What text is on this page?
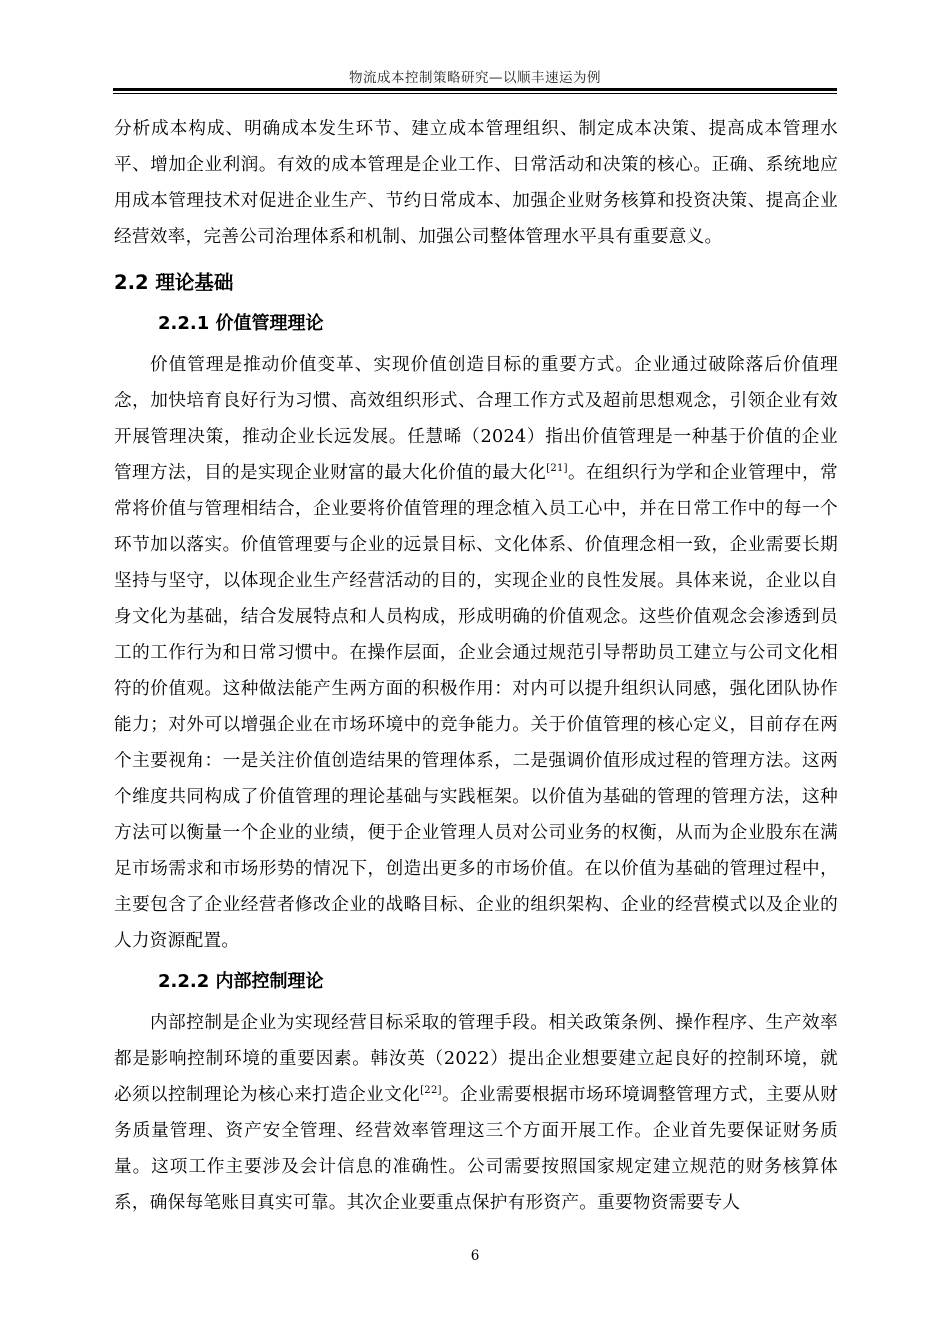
物流成本控制策略研究—以顺丰速运为例

分析成本构成、明确成本发生环节、建立成本管理组织、制定成本决策、提高成本管理水平、增加企业利润。有效的成本管理是企业工作、日常活动和决策的核心。正确、系统地应用成本管理技术对促进企业生产、节约日常成本、加强企业财务核算和投资决策、提高企业经营效率，完善公司治理体系和机制、加强公司整体管理水平具有重要意义。

2.2 理论基础
2.2.1 价值管理理论

价值管理是推动价值变革、实现价值创造目标的重要方式。企业通过破除落后价值理念，加快培育良好行为习惯、高效组织形式、合理工作方式及超前思想观念，引领企业有效开展管理决策，推动企业长远发展。任慧晞（2024）指出价值管理是一种基于价值的企业管理方法，目的是实现企业财富的最大化价值的最大化[21]。在组织行为学和企业管理中，常常将价值与管理相结合，企业要将价值管理的理念植入员工心中，并在日常工作中的每一个环节加以落实。价值管理要与企业的远景目标、文化体系、价值理念相一致，企业需要长期坚持与坚守，以体现企业生产经营活动的目的，实现企业的良性发展。具体来说，企业以自身文化为基础，结合发展特点和人员构成，形成明确的价值观念。这些价值观念会渗透到员工的工作行为和日常习惯中。在操作层面，企业会通过规范引导帮助员工建立与公司文化相符的价值观。这种做法能产生两方面的积极作用：对内可以提升组织认同感，强化团队协作能力；对外可以增强企业在市场环境中的竞争能力。关于价值管理的核心定义，目前存在两个主要视角：一是关注价值创造结果的管理体系，二是强调价值形成过程的管理方法。这两个维度共同构成了价值管理的理论基础与实践框架。以价值为基础的管理的管理方法，这种方法可以衡量一个企业的业绩，便于企业管理人员对公司业务的权衡，从而为企业股东在满足市场需求和市场形势的情况下，创造出更多的市场价值。在以价值为基础的管理过程中，主要包含了企业经营者修改企业的战略目标、企业的组织架构、企业的经营模式以及企业的人力资源配置。

2.2.2 内部控制理论

内部控制是企业为实现经营目标采取的管理手段。相关政策条例、操作程序、生产效率都是影响控制环境的重要因素。韩汝英（2022）提出企业想要建立起良好的控制环境，就必须以控制理论为核心来打造企业文化[22]。企业需要根据市场环境调整管理方式，主要从财务质量管理、资产安全管理、经营效率管理这三个方面开展工作。企业首先要保证财务质量。这项工作主要涉及会计信息的准确性。公司需要按照国家规定建立规范的财务核算体系，确保每笔账目真实可靠。其次企业要重点保护有形资产。重要物资需要专人

6
